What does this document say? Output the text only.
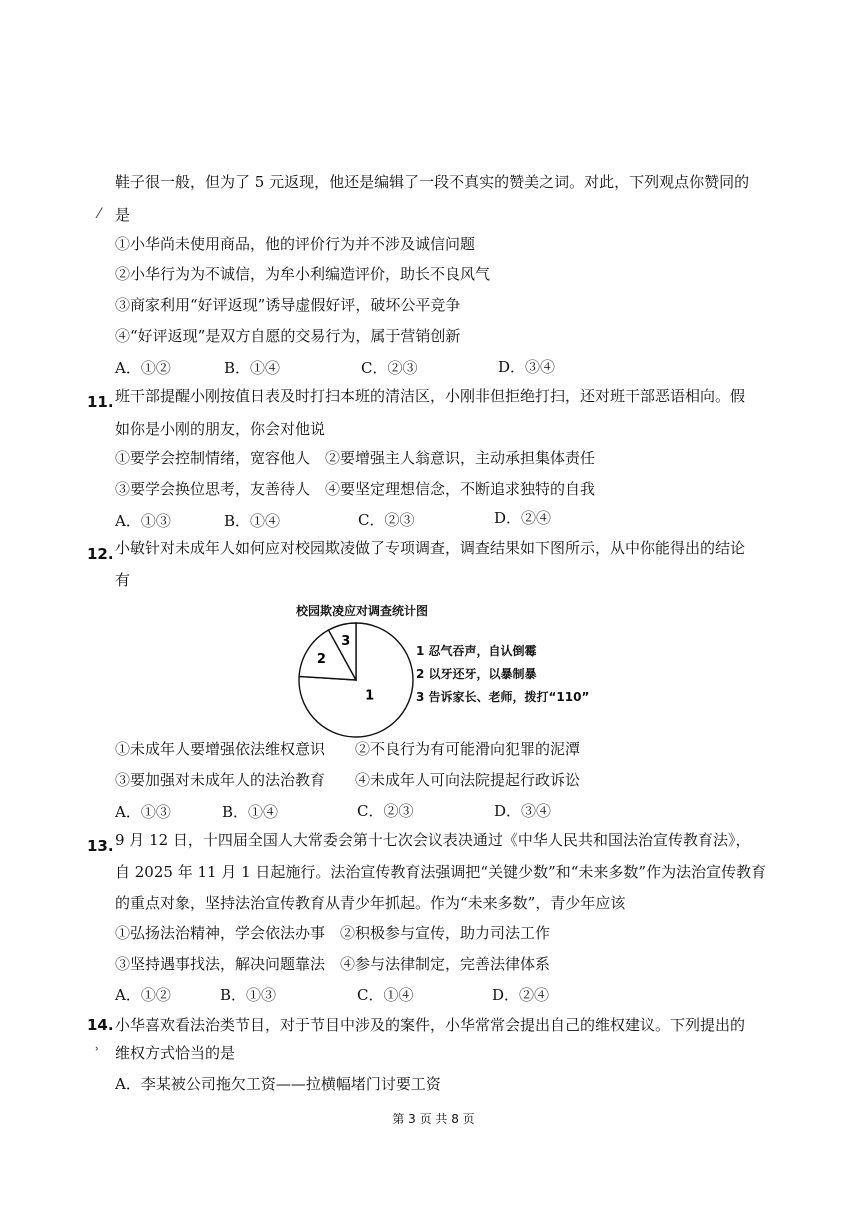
鞋子很一般，但为了 5 元返现，他还是编辑了一段不真实的赞美之词。对此，下列观点你赞同的
⁄ 是
①小华尚未使用商品，他的评价行为并不涉及诚信问题
②小华行为为不诚信，为牟小利编造评价，助长不良风气
③商家利用“好评返现”诱导虚假好评，破坏公平竞争
④“好评返现”是双方自愿的交易行为，属于营销创新
A．①②	B．①④	C．②③	D．③④
11. 班干部提醒小刚按值日表及时打扫本班的清洁区，小刚非但拒绝打扫，还对班干部恶语相向。假
如你是小刚的朋友，你会对他说
①要学会控制情绪，宽容他人　②要增强主人翁意识，主动承担集体责任
③要学会换位思考，友善待人　④要坚定理想信念，不断追求独特的自我
A．①③	B．①④	C．②③	D．②④
12. 小敏针对未成年人如何应对校园欺凌做了专项调查，调查结果如下图所示，从中你能得出的结论
有
校园欺凌应对调查统计图
1
2
3
1 忍气吞声，自认倒霉
2 以牙还牙，以暴制暴
3 告诉家长、老师，拨打“110”
①未成年人要增强依法维权意识　　②不良行为有可能滑向犯罪的泥潭
③要加强对未成年人的法治教育　　④未成年人可向法院提起行政诉讼
A．①③	B．①④	C．②③	D．③④
13. 9 月 12 日，十四届全国人大常委会第十七次会议表决通过《中华人民共和国法治宣传教育法》，
自 2025 年 11 月 1 日起施行。法治宣传教育法强调把“关键少数”和“未来多数”作为法治宣传教育
的重点对象，坚持法治宣传教育从青少年抓起。作为“未来多数”，青少年应该
①弘扬法治精神，学会依法办事　②积极参与宣传，助力司法工作
③坚持遇事找法，解决问题靠法　④参与法律制定，完善法律体系
A．①②	B．①③	C．①④	D．②④
14.
˒
小华喜欢看法治类节目，对于节目中涉及的案件，小华常常会提出自己的维权建议。下列提出的
维权方式恰当的是
A．李某被公司拖欠工资——拉横幅堵门讨要工资
第 3 页 共 8 页
